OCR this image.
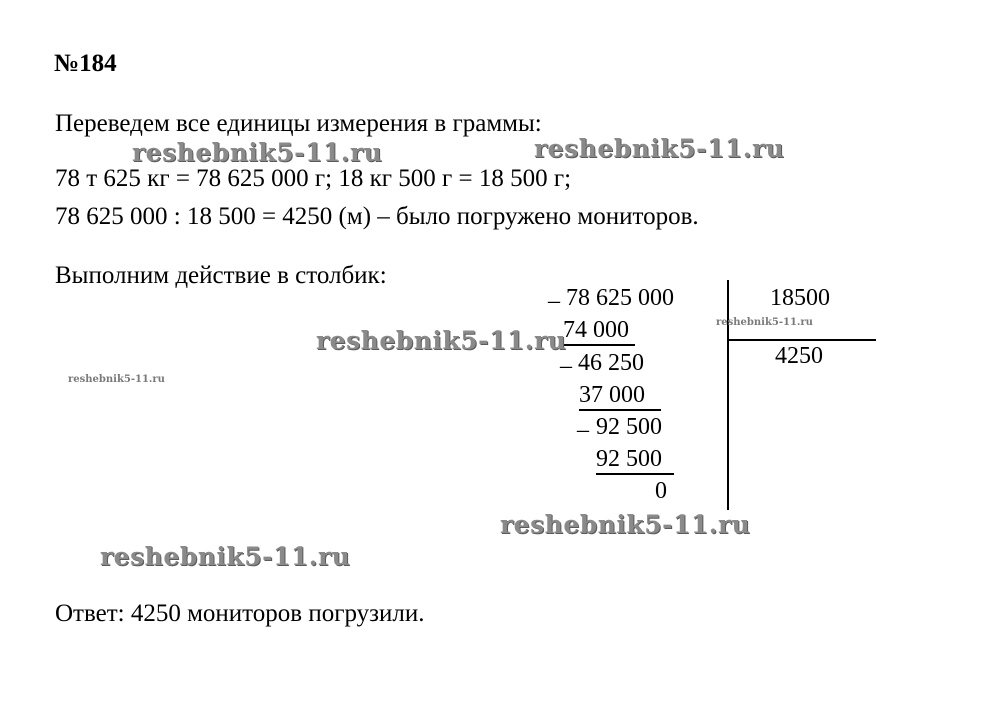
№184
Переведем все единицы измерения в граммы:
78 т 625 кг = 78 625 000 г; 18 кг 500 г = 18 500 г;
78 625 000 : 18 500 = 4250 (м) – было погружено мониторов.
Выполним действие в столбик:
_ 78 625 000	18500
74 000
_ 46 250
37 000
_ 92 500
92 500
0
4250
Ответ: 4250 мониторов погрузили.
reshebnik5-11.ru	reshebnik5-11.ru
reshebnik5-11.ru
reshebnik5-11.ru
reshebnik5-11.ru
reshebnik5-11.ru
reshebnik5-11.ru
